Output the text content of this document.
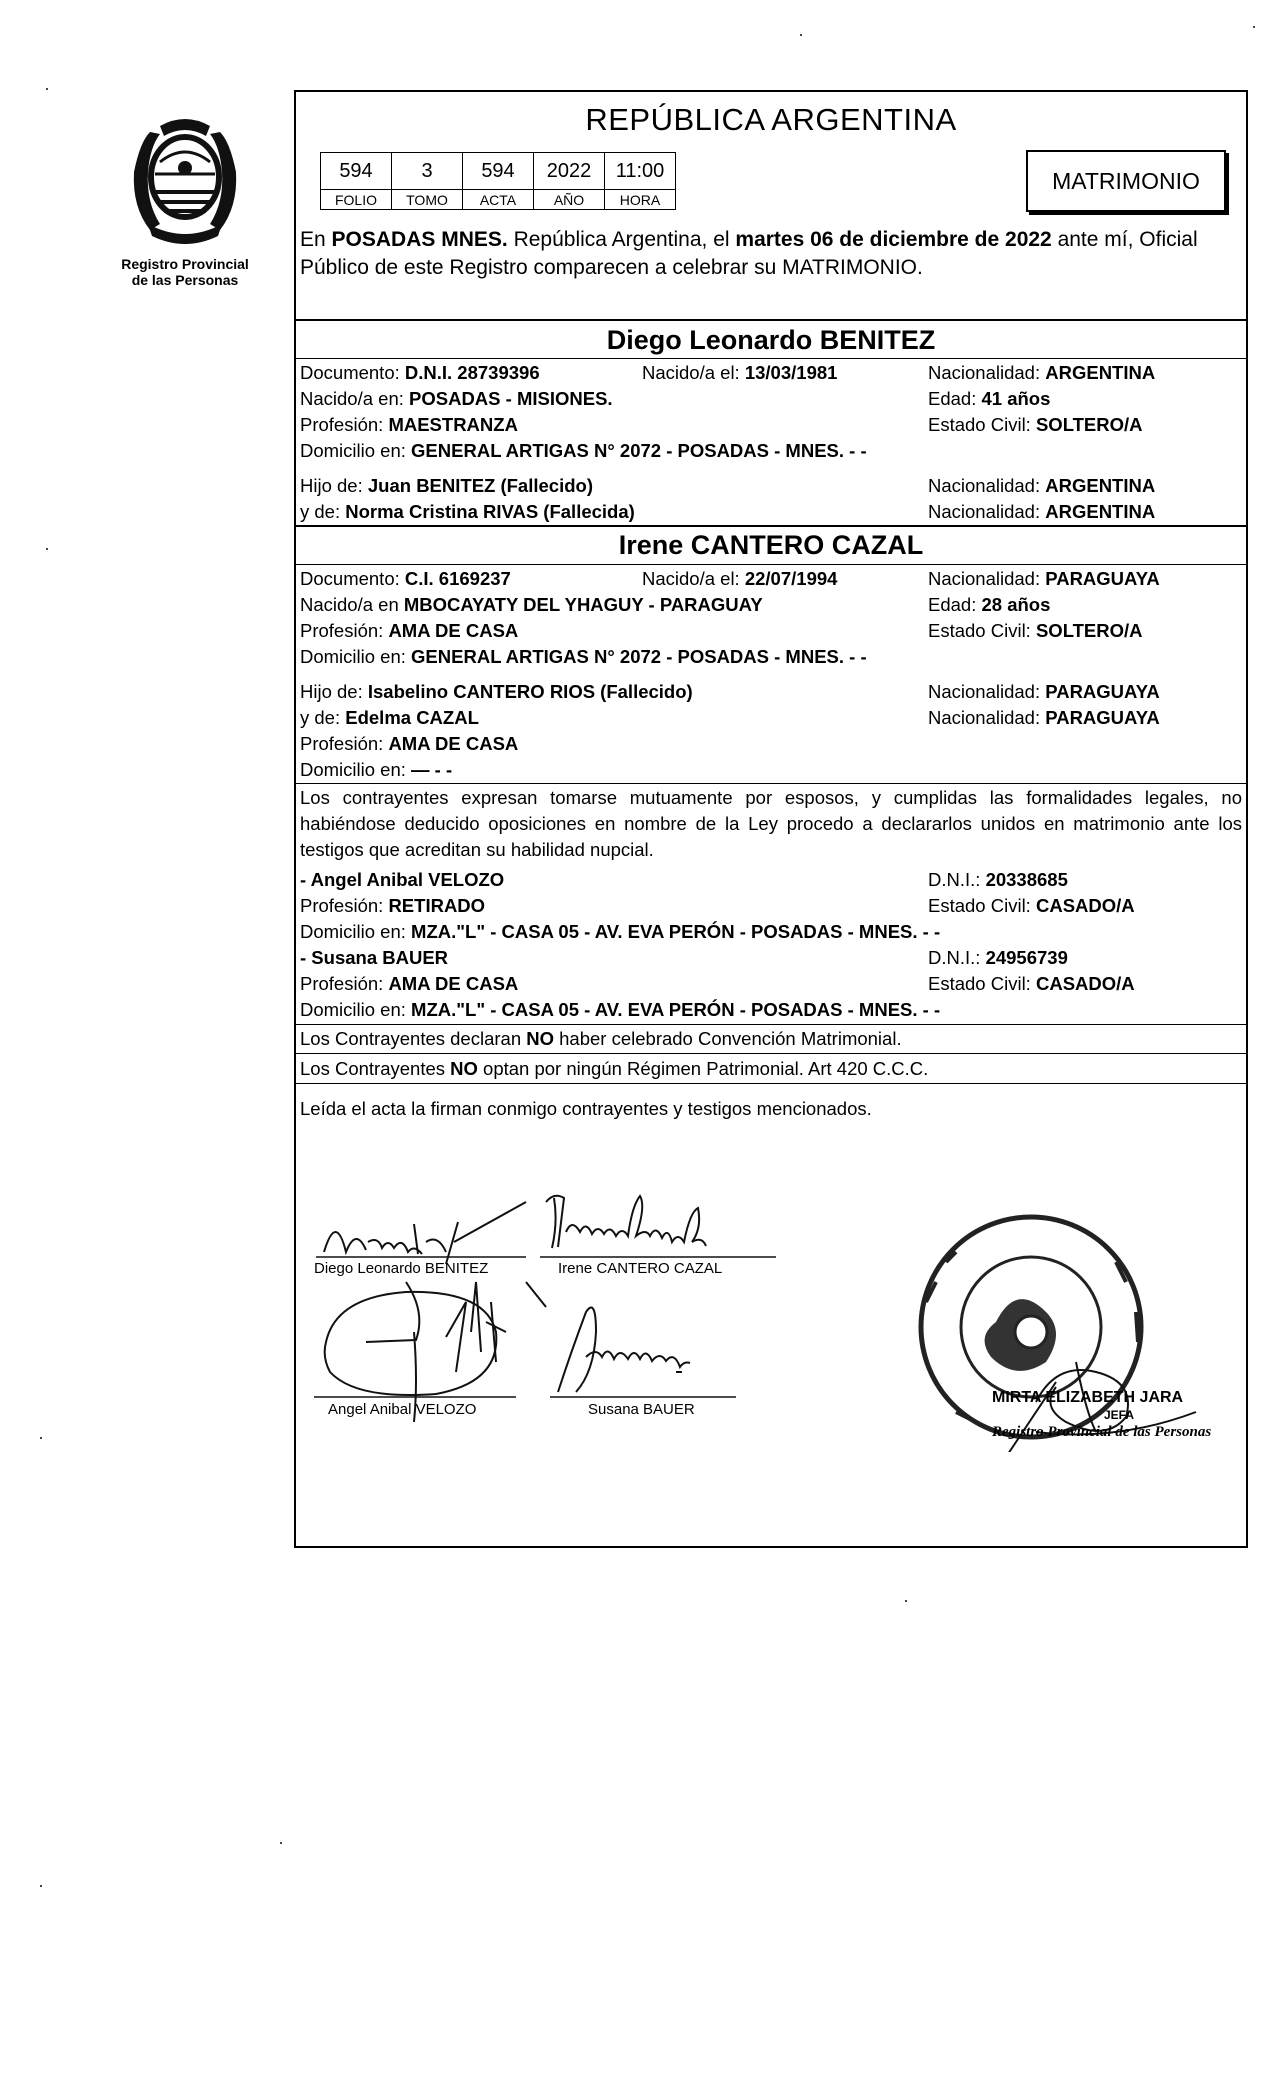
Registro Provincial
de las Personas
REPÚBLICA ARGENTINA
594	3	594	2022	11:00
FOLIO	TOMO	ACTA	AÑO	HORA
MATRIMONIO
En POSADAS MNES. República Argentina, el martes 06 de diciembre de 2022 ante mí, Oficial Público de este Registro comparecen a celebrar su MATRIMONIO.
Diego Leonardo BENITEZ
Documento: D.N.I. 28739396	Nacido/a el: 13/03/1981	Nacionalidad: ARGENTINA
Nacido/a en: POSADAS - MISIONES.	Edad: 41 años
Profesión: MAESTRANZA	Estado Civil: SOLTERO/A
Domicilio en: GENERAL ARTIGAS N° 2072 - POSADAS - MNES. - -
Hijo de: Juan BENITEZ (Fallecido)	Nacionalidad: ARGENTINA
y de: Norma Cristina RIVAS (Fallecida)	Nacionalidad: ARGENTINA
Irene CANTERO CAZAL
Documento: C.I. 6169237	Nacido/a el: 22/07/1994	Nacionalidad: PARAGUAYA
Nacido/a en MBOCAYATY DEL YHAGUY - PARAGUAY	Edad: 28 años
Profesión: AMA DE CASA	Estado Civil: SOLTERO/A
Domicilio en: GENERAL ARTIGAS N° 2072 - POSADAS - MNES. - -
Hijo de: Isabelino CANTERO RIOS (Fallecido)	Nacionalidad: PARAGUAYA
y de: Edelma CAZAL	Nacionalidad: PARAGUAYA
Profesión: AMA DE CASA
Domicilio en: — - -
Los contrayentes expresan tomarse mutuamente por esposos, y cumplidas las formalidades legales, no habiéndose deducido oposiciones en nombre de la Ley procedo a declararlos unidos en matrimonio ante los testigos que acreditan su habilidad nupcial.
- Angel Anibal VELOZO	D.N.I.: 20338685
Profesión: RETIRADO	Estado Civil: CASADO/A
Domicilio en: MZA."L" - CASA 05 - AV. EVA PERÓN - POSADAS - MNES. - -
- Susana BAUER	D.N.I.: 24956739
Profesión: AMA DE CASA	Estado Civil: CASADO/A
Domicilio en: MZA."L" - CASA 05 - AV. EVA PERÓN - POSADAS - MNES. - -
Los Contrayentes declaran NO haber celebrado Convención Matrimonial.
Los Contrayentes NO optan por ningún Régimen Patrimonial. Art 420 C.C.C.
Leída el acta la firman conmigo contrayentes y testigos mencionados.
Diego Leonardo BENITEZ	Irene CANTERO CAZAL
Angel Anibal VELOZO	Susana BAUER
MIRTA ELIZABETH JARA
JEFA
Registro Provincial de las Personas
